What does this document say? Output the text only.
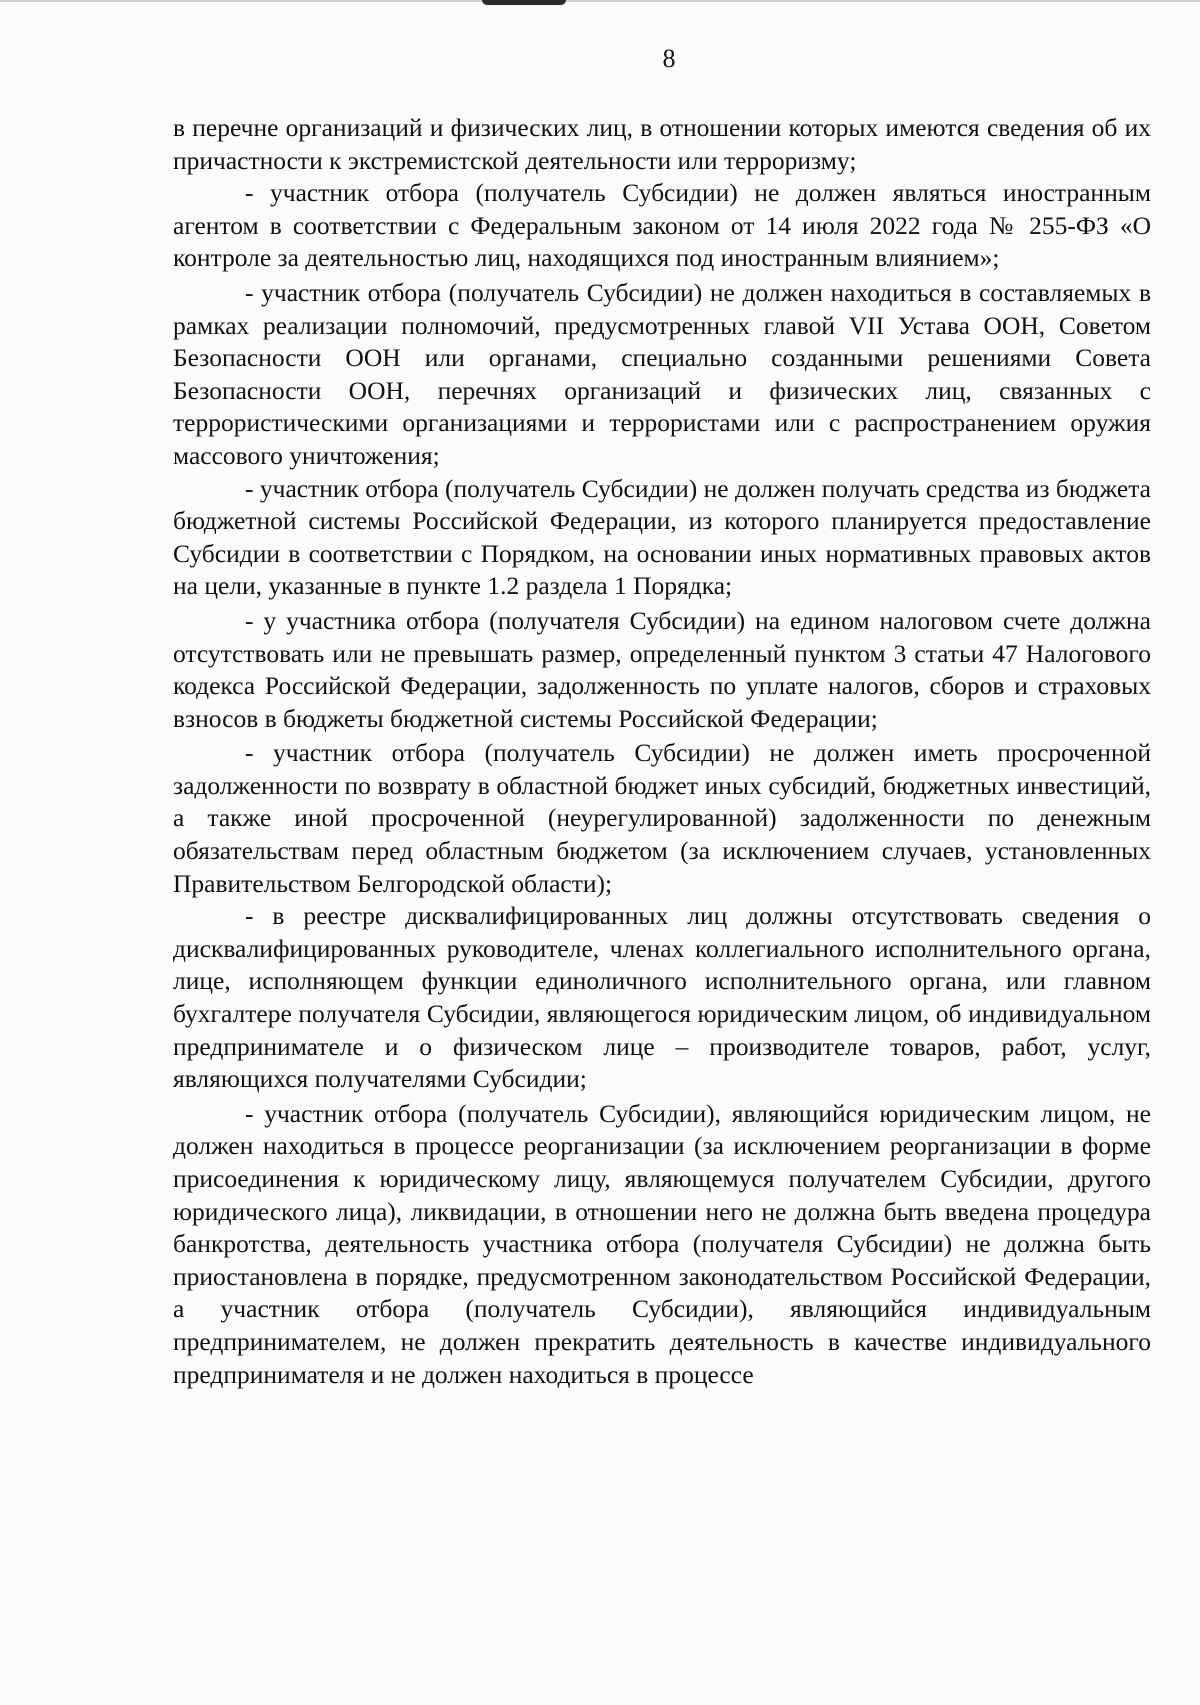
8

в перечне организаций и физических лиц, в отношении которых имеются сведения об их причастности к экстремистской деятельности или терроризму;

- участник отбора (получатель Субсидии) не должен являться иностранным агентом в соответствии с Федеральным законом от 14 июля 2022 года № 255-ФЗ «О контроле за деятельностью лиц, находящихся под иностранным влиянием»;

- участник отбора (получатель Субсидии) не должен находиться в составляемых в рамках реализации полномочий, предусмотренных главой VII Устава ООН, Советом Безопасности ООН или органами, специально созданными решениями Совета Безопасности ООН, перечнях организаций и физических лиц, связанных с террористическими организациями и террористами или с распространением оружия массового уничтожения;

- участник отбора (получатель Субсидии) не должен получать средства из бюджета бюджетной системы Российской Федерации, из которого планируется предоставление Субсидии в соответствии с Порядком, на основании иных нормативных правовых актов на цели, указанные в пункте 1.2 раздела 1 Порядка;

- у участника отбора (получателя Субсидии) на едином налоговом счете должна отсутствовать или не превышать размер, определенный пунктом 3 статьи 47 Налогового кодекса Российской Федерации, задолженность по уплате налогов, сборов и страховых взносов в бюджеты бюджетной системы Российской Федерации;

- участник отбора (получатель Субсидии) не должен иметь просроченной задолженности по возврату в областной бюджет иных субсидий, бюджетных инвестиций, а также иной просроченной (неурегулированной) задолженности по денежным обязательствам перед областным бюджетом (за исключением случаев, установленных Правительством Белгородской области);

- в реестре дисквалифицированных лиц должны отсутствовать сведения о дисквалифицированных руководителе, членах коллегиального исполнительного органа, лице, исполняющем функции единоличного исполнительного органа, или главном бухгалтере получателя Субсидии, являющегося юридическим лицом, об индивидуальном предпринимателе и о физическом лице – производителе товаров, работ, услуг, являющихся получателями Субсидии;

- участник отбора (получатель Субсидии), являющийся юридическим лицом, не должен находиться в процессе реорганизации (за исключением реорганизации в форме присоединения к юридическому лицу, являющемуся получателем Субсидии, другого юридического лица), ликвидации, в отношении него не должна быть введена процедура банкротства, деятельность участника отбора (получателя Субсидии) не должна быть приостановлена в порядке, предусмотренном законодательством Российской Федерации, а участник отбора (получатель Субсидии), являющийся индивидуальным предпринимателем, не должен прекратить деятельность в качестве индивидуального предпринимателя и не должен находиться в процессе
